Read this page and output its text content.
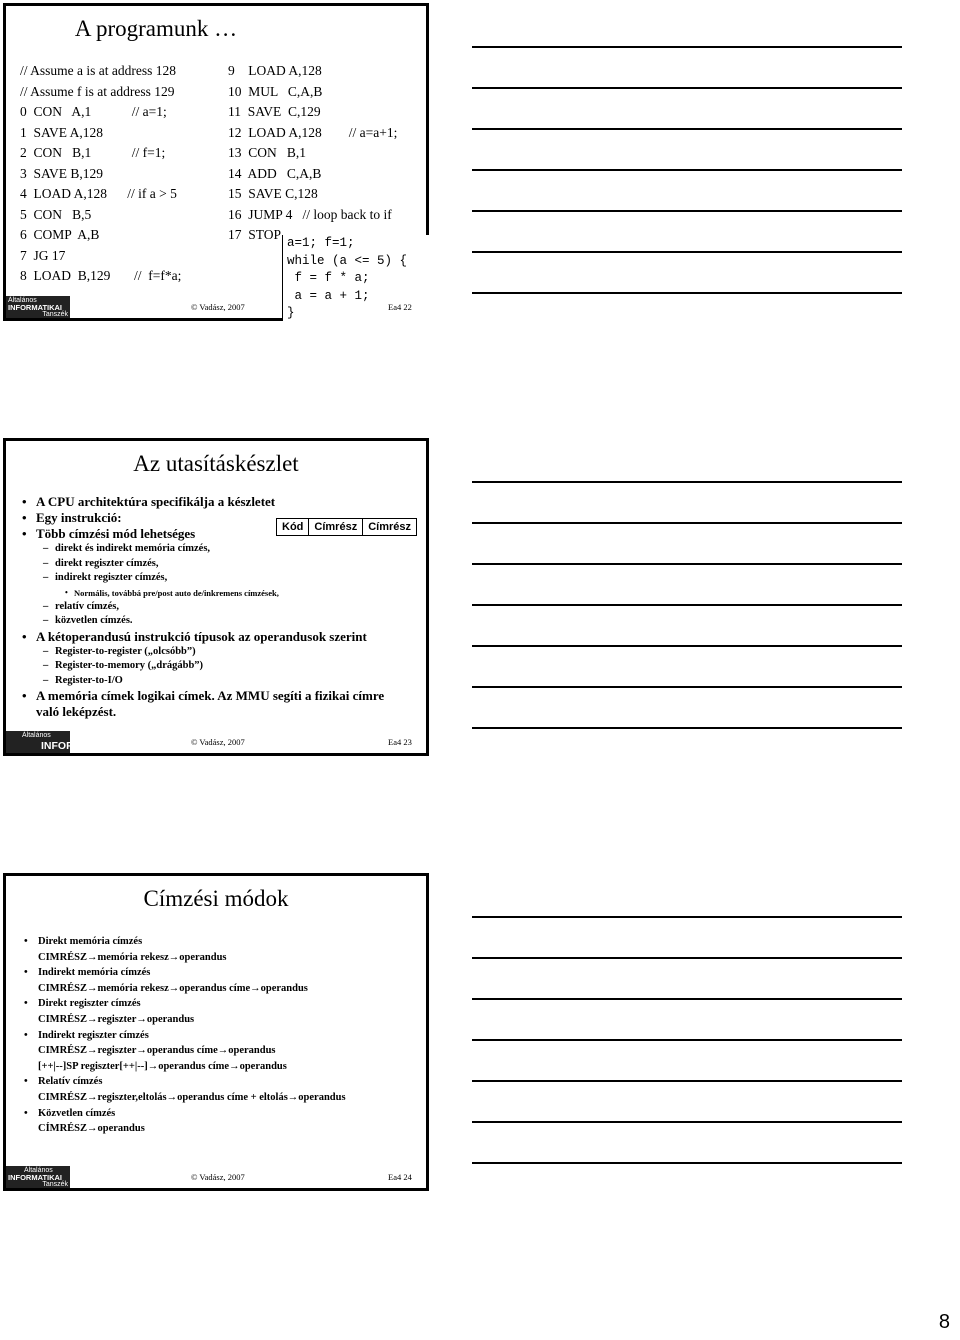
A programunk …
// Assume a is at address 128
// Assume f is at address 129
0  CON   A,1            // a=1;
1  SAVE A,128
2  CON   B,1            // f=1;
3  SAVE B,129
4  LOAD A,128      // if a > 5
5  CON   B,5
6  COMP  A,B
7  JG 17
8  LOAD  B,129       //  f=f*a;
9    LOAD A,128
10  MUL   C,A,B
11  SAVE  C,129
12  LOAD A,128        // a=a+1;
13  CON   B,1
14  ADD   C,A,B
15  SAVE C,128
16  JUMP 4   // loop back to if
17  STOP
a=1; f=1;
while (a <= 5) {
f = f * a;
a = a + 1;
}
© Vadász, 2007	Ea4 22
Általános
INFORMATIKAI
Tanszék
Az utasításkészlet
A CPU architektúra specifikálja a készletet
Egy instrukció:
Több címzési mód lehetséges
direkt és indirekt memória címzés,
direkt regiszter címzés,
indirekt regiszter címzés,
Normális, továbbá pre/post auto de/inkremens címzések,
relatív címzés,
közvetlen címzés.
A kétoperandusú instrukció típusok az operandusok szerint
Register-to-register („olcsóbb”)
Register-to-memory („drágább”)
Register-to-I/O
A memória címek logikai címek. Az MMU segíti a fizikai címre való leképzést.
Kód	Címrész	Címrész
© Vadász, 2007	Ea4 23
Általános
INFORMATIKAI
Tanszék
Címzési módok
Direkt memória címzés
CIMRÉSZ→memória rekesz→operandus
Indirekt memória címzés
CIMRÉSZ→memória rekesz→operandus címe→operandus
Direkt regiszter címzés
CIMRÉSZ→regiszter→operandus
Indirekt regiszter címzés
CIMRÉSZ→regiszter→operandus címe→operandus
[++|--]SP regiszter[++|--]→operandus címe→operandus
Relatív címzés
CIMRÉSZ→regiszter,eltolás→operandus címe + eltolás→operandus
Közvetlen címzés
CÍMRÉSZ→operandus
© Vadász, 2007	Ea4 24
Általános
INFORMATIKAI
Tanszék
8
